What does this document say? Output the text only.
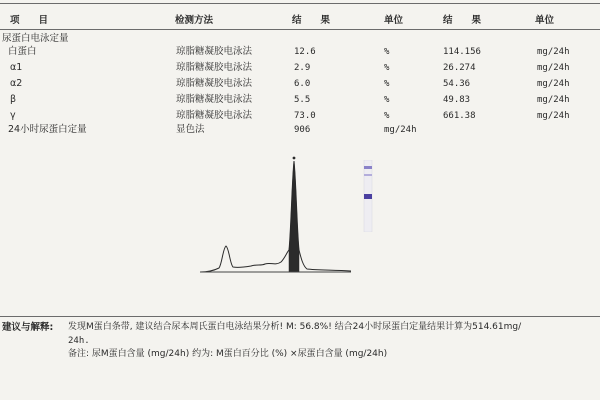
项　　目	检测方法	结　　果	单位	结　　果	单位
尿蛋白电泳定量
白蛋白	琼脂糖凝胶电泳法	12.6	%	114.156	mg/24h
α1	琼脂糖凝胶电泳法	2.9	%	26.274	mg/24h
α2	琼脂糖凝胶电泳法	6.0	%	54.36	mg/24h
β	琼脂糖凝胶电泳法	5.5	%	49.83	mg/24h
γ	琼脂糖凝胶电泳法	73.0	%	661.38	mg/24h
24小时尿蛋白定量	显色法	906	mg/24h
建议与解释: 发现M蛋白条带, 建议结合尿本周氏蛋白电泳结果分析! M: 56.8%! 结合24小时尿蛋白定量结果计算为514.61mg/
24h.
备注: 尿M蛋白含量 (mg/24h) 约为: M蛋白百分比 (%) ×尿蛋白含量 (mg/24h)
